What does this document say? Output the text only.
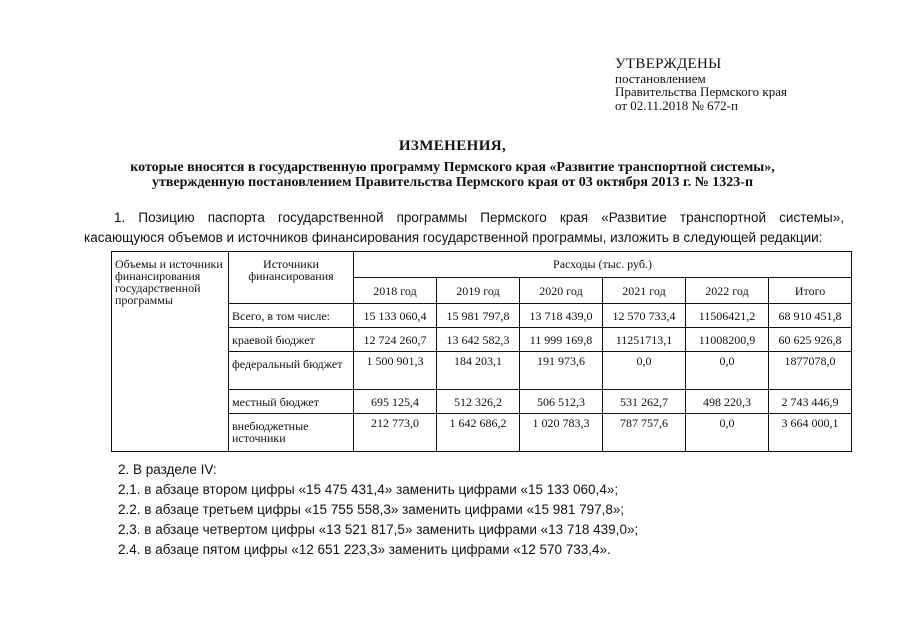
УТВЕРЖДЕНЫ
постановлением
Правительства Пермского края
от 02.11.2018 № 672-п
ИЗМЕНЕНИЯ,
которые вносятся в государственную программу Пермского края «Развитие транспортной системы»,
утвержденную постановлением Правительства Пермского края от 03 октября 2013 г. № 1323-п
1. Позицию паспорта государственной программы Пермского края «Развитие транспортной системы»,
касающуюся объемов и источников финансирования государственной программы, изложить в следующей редакции:
Объемы и источники финансирования государственной программы	Источники финансирования	Расходы (тыс. руб.)					
		2018 год	2019 год	2020 год	2021 год	2022 год	Итого
	Всего, в том числе:	15 133 060,4	15 981 797,8	13 718 439,0	12 570 733,4	11506421,2	68 910 451,8
	краевой бюджет	12 724 260,7	13 642 582,3	11 999 169,8	11251713,1	11008200,9	60 625 926,8
	федеральный бюджет	1 500 901,3	184 203,1	191 973,6	0,0	0,0	1877078,0
	местный бюджет	695 125,4	512 326,2	506 512,3	531 262,7	498 220,3	2 743 446,9
	внебюджетные источники	212 773,0	1 642 686,2	1 020 783,3	787 757,6	0,0	3 664 000,1
2. В разделе IV:
2.1. в абзаце втором цифры «15 475 431,4» заменить цифрами «15 133 060,4»;
2.2. в абзаце третьем цифры «15 755 558,3» заменить цифрами «15 981 797,8»;
2.3. в абзаце четвертом цифры «13 521 817,5» заменить цифрами «13 718 439,0»;
2.4. в абзаце пятом цифры «12 651 223,3» заменить цифрами «12 570 733,4».
